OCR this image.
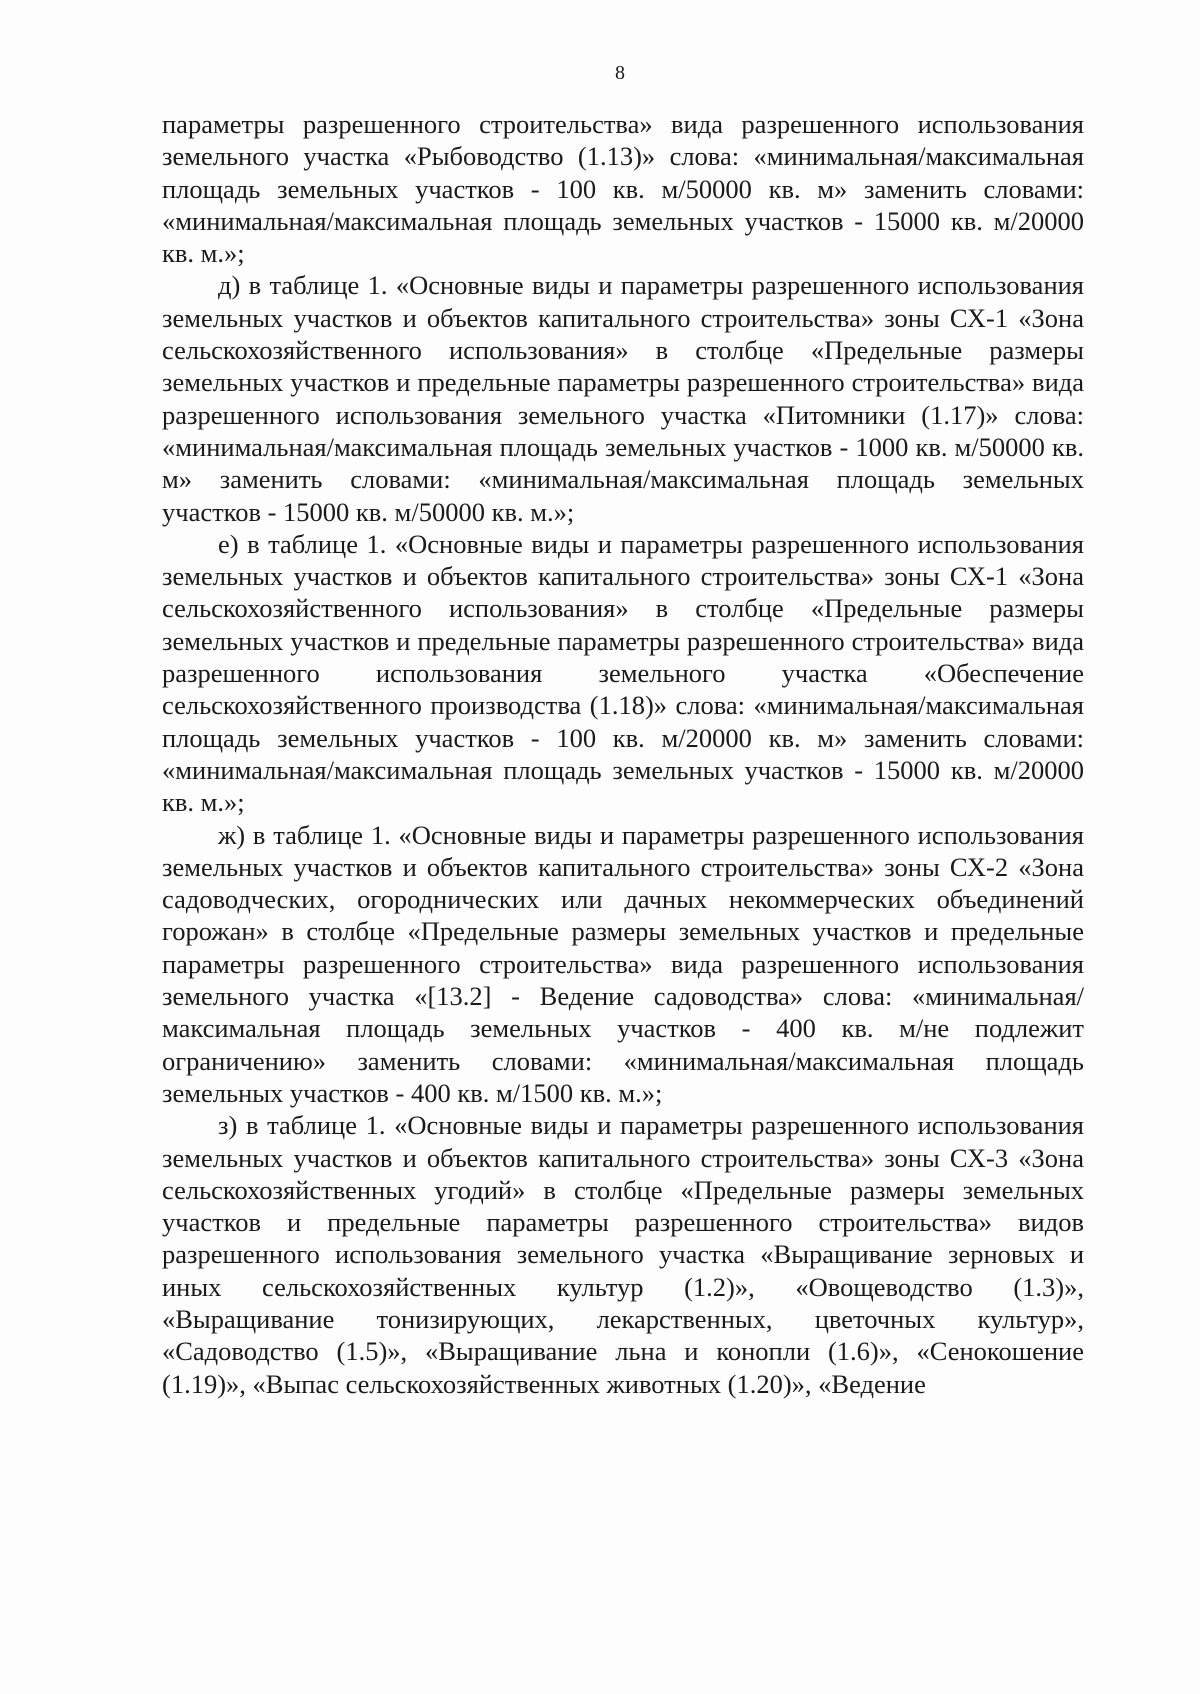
8

параметры разрешенного строительства» вида разрешенного использования земельного участка «Рыбоводство (1.13)» слова: «минимальная/максимальная площадь земельных участков - 100 кв. м/50000 кв. м» заменить словами: «минимальная/максимальная площадь земельных участков - 15000 кв. м/20000 кв. м.»;

д) в таблице 1. «Основные виды и параметры разрешенного использования земельных участков и объектов капитального строительства» зоны СХ-1 «Зона сельскохозяйственного использования» в столбце «Предельные размеры земельных участков и предельные параметры разрешенного строительства» вида разрешенного использования земельного участка «Питомники (1.17)» слова: «минимальная/максимальная площадь земельных участков - 1000 кв. м/50000 кв. м» заменить словами: «минимальная/максимальная площадь земельных участков - 15000 кв. м/50000 кв. м.»;

е) в таблице 1. «Основные виды и параметры разрешенного использования земельных участков и объектов капитального строительства» зоны СХ-1 «Зона сельскохозяйственного использования» в столбце «Предельные размеры земельных участков и предельные параметры разрешенного строительства» вида разрешенного использования земельного участка «Обеспечение сельскохозяйственного производства (1.18)» слова: «минимальная/максимальная площадь земельных участков - 100 кв. м/20000 кв. м» заменить словами: «минимальная/максимальная площадь земельных участков - 15000 кв. м/20000 кв. м.»;

ж) в таблице 1. «Основные виды и параметры разрешенного использования земельных участков и объектов капитального строительства» зоны СХ-2 «Зона садоводческих, огороднических или дачных некоммерческих объединений горожан» в столбце «Предельные размеры земельных участков и предельные параметры разрешенного строительства» вида разрешенного использования земельного участка «[13.2] - Ведение садоводства» слова: «минимальная/максимальная площадь земельных участков - 400 кв. м/не подлежит ограничению» заменить словами: «минимальная/максимальная площадь земельных участков - 400 кв. м/1500 кв. м.»;

з) в таблице 1. «Основные виды и параметры разрешенного использования земельных участков и объектов капитального строительства» зоны СХ-3 «Зона сельскохозяйственных угодий» в столбце «Предельные размеры земельных участков и предельные параметры разрешенного строительства» видов разрешенного использования земельного участка «Выращивание зерновых и иных сельскохозяйственных культур (1.2)», «Овощеводство (1.3)», «Выращивание тонизирующих, лекарственных, цветочных культур», «Садоводство (1.5)», «Выращивание льна и конопли (1.6)», «Сенокошение (1.19)», «Выпас сельскохозяйственных животных (1.20)», «Ведение
